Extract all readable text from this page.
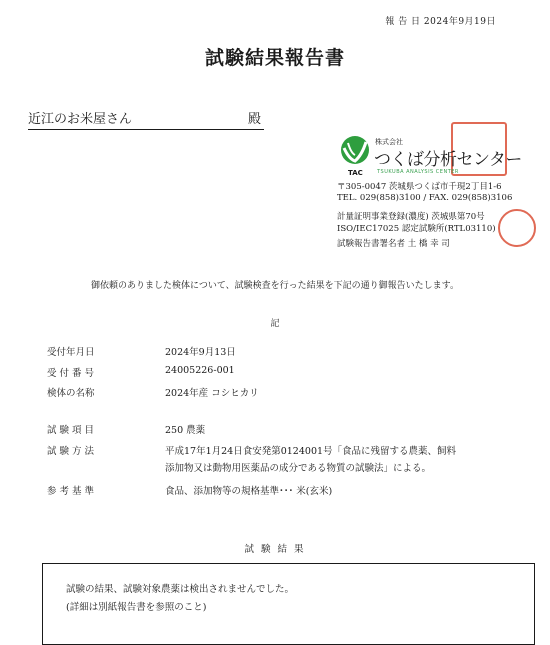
報 告 日 2024年9月19日
試験結果報告書
近江のお米屋さん	殿
TAC
株式会社
つくば分析センター
TSUKUBA ANALYSIS CENTER
〒305-0047 茨城県つくば市千現2丁目1-6
TEL. 029(858)3100 / FAX. 029(858)3106
計量証明事業登録(濃度) 茨城県第70号
ISO/IEC17025 認定試験所(RTL03110)
試験報告書署名者 土 橋 幸 司
御依頼のありました検体について、試験検査を行った結果を下記の通り御報告いたします。
記
受付年月日	2024年9月13日
受 付 番 号	24005226-001
検体の名称	2024年産 コシヒカリ
試 験 項 目	250 農薬
試 験 方 法	平成17年1月24日食安発第0124001号「食品に残留する農薬、飼料
添加物又は動物用医薬品の成分である物質の試験法」による。
参 考 基 準	食品、添加物等の規格基準･･･ 米(玄米)
試 験 結 果
試験の結果、試験対象農薬は検出されませんでした。
(詳細は別紙報告書を参照のこと)
